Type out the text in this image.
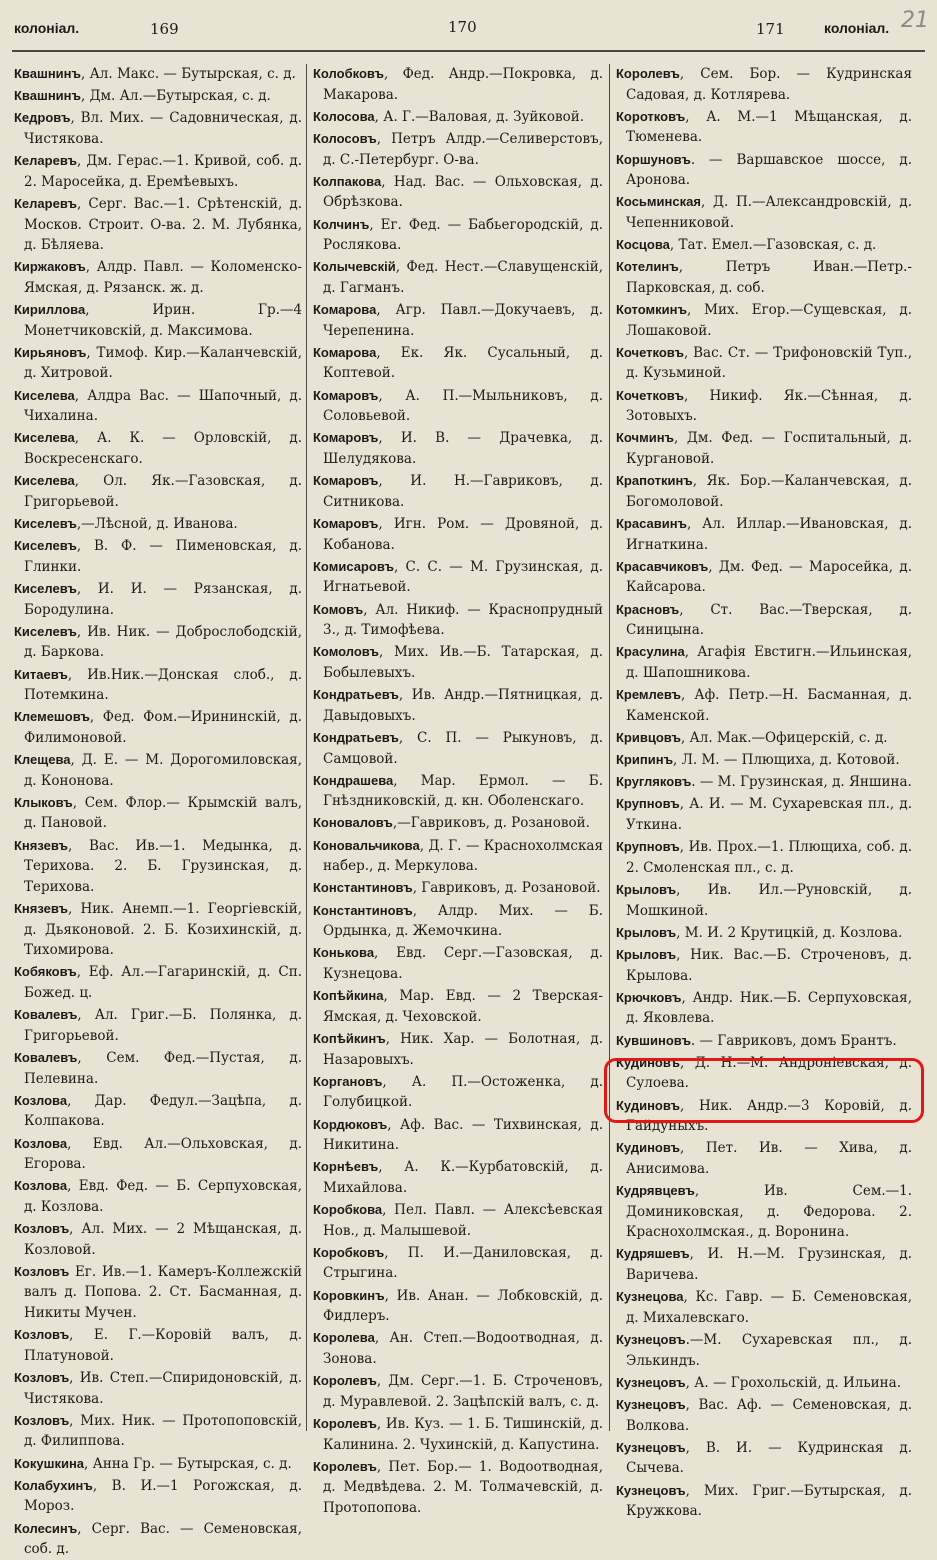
колоніал.	169	170	171	колоніал. 21
Квашнинъ, Ал. Макс. — Бутырская, с. д.
Квашнинъ, Дм. Ал.—Бутырская, с. д.
Кедровъ, Вл. Мих. — Садовническая, д. Чистякова.
Келаревъ, Дм. Герас.—1. Кривой, соб. д. 2. Маросейка, д. Еремѣевыхъ.
Келаревъ, Серг. Вас.—1. Срѣтенскій, д. Москов. Строит. О-ва. 2. М. Лубянка, д. Бѣляева.
Киржаковъ, Алдр. Павл. — Коломенско-Ямская, д. Рязанск. ж. д.
Кириллова, Ирин. Гр.—4 Монетчиковскій, д. Максимова.
Кирьяновъ, Тимоф. Кир.—Каланчевскій, д. Хитровой.
Киселева, Алдра Вас. — Шапочный, д. Чихалина.
Киселева, А. К. — Орловскій, д. Воскресенскаго.
Киселева, Ол. Як.—Газовская, д. Григорьевой.
Киселевъ,—Лѣсной, д. Иванова.
Киселевъ, В. Ф. — Пименовская, д. Глинки.
Киселевъ, И. И. — Рязанская, д. Бородулина.
Киселевъ, Ив. Ник. — Доброслободскій, д. Баркова.
Китаевъ, Ив.Ник.—Донская слоб., д. Потемкина.
Клемешовъ, Фед. Фом.—Ирининскій, д. Филимоновой.
Клещева, Д. Е. — М. Дорогомиловская, д. Кононова.
Клыковъ, Сем. Флор.— Крымскій валъ, д. Пановой.
Князевъ, Вас. Ив.—1. Медынка, д. Терихова. 2. Б. Грузинская, д. Терихова.
Князевъ, Ник. Анемп.—1. Георгіевскій, д. Дьяконовой. 2. Б. Козихинскій, д. Тихомирова.
Кобяковъ, Еф. Ал.—Гагаринскій, д. Сп. Божед. ц.
Ковалевъ, Ал. Григ.—Б. Полянка, д. Григорьевой.
Ковалевъ, Сем. Фед.—Пустая, д. Пелевина.
Козлова, Дар. Федул.—Зацѣпа, д. Колпакова.
Козлова, Евд. Ал.—Ольховская, д. Егорова.
Козлова, Евд. Фед. — Б. Серпуховская, д. Козлова.
Козловъ, Ал. Мих. — 2 Мѣщанская, д. Козловой.
Козловъ Ег. Ив.—1. Камеръ-Коллежскій валъ д. Попова. 2. Ст. Басманная, д. Никиты Мучен.
Козловъ, Е. Г.—Коровій валъ, д. Платуновой.
Козловъ, Ив. Степ.—Спиридоновскій, д. Чистякова.
Козловъ, Мих. Ник. — Протопоповскій, д. Филиппова.
Кокушкина, Анна Гр. — Бутырская, с. д.
Колабухинъ, В. И.—1 Рогожская, д. Мороз.
Колесинъ, Серг. Вас. — Семеновская, соб. д.
Колобковъ, Фед. Андр.—Покровка, д. Макарова.
Колосова, А. Г.—Валовая, д. Зуйковой.
Колосовъ, Петръ Алдр.—Селиверстовъ, д. С.-Петербург. О-ва.
Колпакова, Над. Вас. — Ольховская, д. Обрѣзкова.
Колчинъ, Ег. Фед. — Бабьегородскій, д. Рослякова.
Колычевскій, Фед. Нест.—Славущенскій, д. Гагманъ.
Комарова, Агр. Павл.—Докучаевъ, д. Черепенина.
Комарова, Ек. Як. Сусальный, д. Коптевой.
Комаровъ, А. П.—Мыльниковъ, д. Соловьевой.
Комаровъ, И. В. — Драчевка, д. Шелудякова.
Комаровъ, И. Н.—Гавриковъ, д. Ситникова.
Комаровъ, Игн. Ром. — Дровяной, д. Кобанова.
Комисаровъ, С. С. — М. Грузинская, д. Игнатьевой.
Комовъ, Ал. Никиф. — Краснопрудный 3., д. Тимофѣева.
Комоловъ, Мих. Ив.—Б. Татарская, д. Бобылевыхъ.
Кондратьевъ, Ив. Андр.—Пятницкая, д. Давыдовыхъ.
Кондратьевъ, С. П. — Рыкуновъ, д. Самцовой.
Кондрашева, Мар. Ермол. — Б. Гнѣздниковскій, д. кн. Оболенскаго.
Коноваловъ,—Гавриковъ, д. Розановой.
Коновальчикова, Д. Г. — Краснохолмская набер., д. Меркулова.
Константиновъ, Гавриковъ, д. Розановой.
Константиновъ, Алдр. Мих. — Б. Ордынка, д. Жемочкина.
Конькова, Евд. Серг.—Газовская, д. Кузнецова.
Копѣйкина, Мар. Евд. — 2 Тверская-Ямская, д. Чеховской.
Копѣйкинъ, Ник. Хар. — Болотная, д. Назаровыхъ.
Коргановъ, А. П.—Остоженка, д. Голубицкой.
Кордюковъ, Аф. Вас. — Тихвинская, д. Никитина.
Корнѣевъ, А. К.—Курбатовскій, д. Михайлова.
Коробкова, Пел. Павл. — Алексѣевская Нов., д. Малышевой.
Коробковъ, П. И.—Даниловская, д. Стрыгина.
Коровкинъ, Ив. Анан. — Лобковскій, д. Фидлеръ.
Королева, Ан. Степ.—Водоотводная, д. Зонова.
Королевъ, Дм. Серг.—1. Б. Строченовъ, д. Муравлевой. 2. Зацѣпскій валъ, с. д.
Королевъ, Ив. Куз. — 1. Б. Тишинскій, д. Калинина. 2. Чухинскій, д. Капустина.
Королевъ, Пет. Бор.— 1. Водоотводная, д. Медвѣдева. 2. М. Толмачевскій, д. Протопопова.
Королевъ, Сем. Бор. — Кудринская Садовая, д. Котлярева.
Коротковъ, А. М.—1 Мѣщанская, д. Тюменева.
Коршуновъ. — Варшавское шоссе, д. Аронова.
Косьминская, Д. П.—Александровскій, д. Чепенниковой.
Косцова, Тат. Емел.—Газовская, с. д.
Котелинъ, Петръ Иван.—Петр.-Парковская, д. соб.
Котомкинъ, Мих. Егор.—Сущевская, д. Лошаковой.
Кочетковъ, Вас. Ст. — Трифоновскій Туп., д. Кузьминой.
Кочетковъ, Никиф. Як.—Сѣнная, д. Зотовыхъ.
Кочминъ, Дм. Фед. — Госпитальный, д. Кургановой.
Крапоткинъ, Як. Бор.—Каланчевская, д. Богомоловой.
Красавинъ, Ал. Иллар.—Ивановская, д. Игнаткина.
Красавчиковъ, Дм. Фед. — Маросейка, д. Кайсарова.
Красновъ, Ст. Вас.—Тверская, д. Синицына.
Красулина, Агафія Евстигн.—Ильинская, д. Шапошникова.
Кремлевъ, Аф. Петр.—Н. Басманная, д. Каменской.
Кривцовъ, Ал. Мак.—Офицерскій, с. д.
Крипинъ, Л. М. — Плющиха, д. Котовой.
Кругляковъ. — М. Грузинская, д. Яншина.
Крупновъ, А. И. — М. Сухаревская пл., д. Уткина.
Крупновъ, Ив. Прох.—1. Плющиха, соб. д. 2. Смоленская пл., с. д.
Крыловъ, Ив. Ил.—Руновскій, д. Мошкиной.
Крыловъ, М. И. 2 Крутицкій, д. Козлова.
Крыловъ, Ник. Вас.—Б. Строченовъ, д. Крылова.
Крючковъ, Андр. Ник.—Б. Серпуховская, д. Яковлева.
Кувшиновъ. — Гавриковъ, домъ Брантъ.
Кудиновъ, Д. Н.—М. Андроніевская, д. Сулоева.
Кудиновъ, Ник. Андр.—3 Коровій, д. Гайдуныхъ.
Кудиновъ, Пет. Ив. — Хива, д. Анисимова.
Кудрявцевъ, Ив. Сем.—1. Доминиковская, д. Федорова. 2. Краснохолмская., д. Воронина.
Кудряшевъ, И. Н.—М. Грузинская, д. Варичева.
Кузнецова, Кс. Гавр. — Б. Семеновская, д. Михалевскаго.
Кузнецовъ.—М. Сухаревская пл., д. Элькиндъ.
Кузнецовъ, А. — Грохольскій, д. Ильина.
Кузнецовъ, Вас. Аф. — Семеновская, д. Волкова.
Кузнецовъ, В. И. — Кудринская д. Сычева.
Кузнецовъ, Мих. Григ.—Бутырская, д. Кружкова.
